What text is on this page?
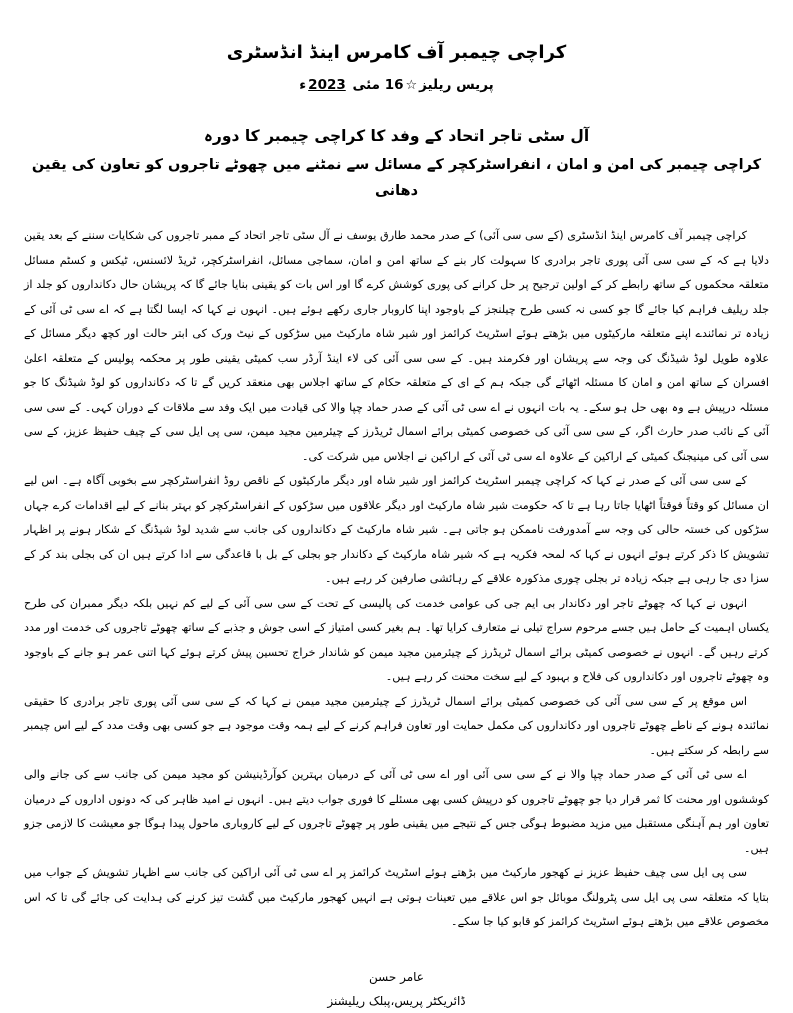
کراچی چیمبر آف کامرس اینڈ انڈسٹری
پریس ریلیز☆16 مئی 2023ء
آل سٹی تاجر اتحاد کے وفد کا کراچی چیمبر کا دورہ
کراچی چیمبر کی امن و امان ، انفراسٹرکچر کے مسائل سے نمٹنے میں چھوٹے تاجروں کو تعاون کی یقین دھانی

کراچی چیمبر آف کامرس اینڈ انڈسٹری (کے سی سی آئی) کے صدر محمد طارق یوسف نے آل سٹی تاجر اتحاد کے ممبر تاجروں کی شکایات سننے کے بعد یقین دلایا ہے کہ کے سی سی آئی پوری تاجر برادری کا سہولت کار بنے کے ساتھ امن و امان، سماجی مسائل، انفراسٹرکچر، ٹریڈ لائسنس، ٹیکس و کسٹم مسائل متعلقہ محکموں کے ساتھ رابطے کر کے اولین ترجیح پر حل کرانے کی پوری کوشش کرے گا اور اس بات کو یقینی بنایا جائے گا کہ پریشان حال دکانداروں کو جلد از جلد ریلیف فراہم کیا جائے گا جو کسی نہ کسی طرح چیلنجز کے باوجود اپنا کاروبار جاری رکھے ہوئے ہیں۔ انہوں نے کہا کہ ایسا لگتا ہے کہ اے سی ٹی آئی کے زیادہ تر نمائندے اپنے متعلقہ مارکیٹوں میں بڑھتے ہوئے اسٹریٹ کرائمز اور شیر شاہ مارکیٹ میں سڑکوں کے نیٹ ورک کی ابتر حالت اور کچھ دیگر مسائل کے علاوہ طویل لوڈ شیڈنگ کی وجہ سے پریشان اور فکرمند ہیں۔ کے سی سی آئی کی لاء اینڈ آرڈر سب کمیٹی یقینی طور پر محکمہ پولیس کے متعلقہ اعلیٰ افسران کے ساتھ امن و امان کا مسئلہ اٹھائے گی جبکہ ہم کے ای کے متعلقہ حکام کے ساتھ اجلاس بھی منعقد کریں گے تا کہ دکانداروں کو لوڈ شیڈنگ کا جو مسئلہ درپیش ہے وہ بھی حل ہو سکے۔ یہ بات انہوں نے اے سی ٹی آئی کے صدر حماد چپا والا کی قیادت میں ایک وفد سے ملاقات کے دوران کہی۔ کے سی سی آئی کے نائب صدر حارث اگر، کے سی سی آئی کی خصوصی کمیٹی برائے اسمال ٹریڈرز کے چیئرمین مجید میمن، سی پی ایل سی کے چیف حفیظ عزیز، کے سی سی آئی کی مینیجنگ کمیٹی کے اراکین کے علاوہ اے سی ٹی آئی کے اراکین نے اجلاس میں شرکت کی۔

کے سی سی آئی کے صدر نے کہا کہ کراچی چیمبر اسٹریٹ کرائمز اور شیر شاہ اور دیگر مارکیٹوں کے ناقص روڈ انفراسٹرکچر سے بخوبی آگاہ ہے۔ اس لیے ان مسائل کو وقتاً فوقتاً اٹھایا جاتا رہا ہے تا کہ حکومت شیر شاہ مارکیٹ اور دیگر علاقوں میں سڑکوں کے انفراسٹرکچر کو بہتر بنانے کے لیے اقدامات کرے جہاں سڑکوں کی خستہ حالی کی وجہ سے آمدورفت ناممکن ہو جاتی ہے۔ شیر شاہ مارکیٹ کے دکانداروں کی جانب سے شدید لوڈ شیڈنگ کے شکار ہونے پر اظہار تشویش کا ذکر کرتے ہوئے انہوں نے کہا کہ لمحہ فکریہ ہے کہ شیر شاہ مارکیٹ کے دکاندار جو بجلی کے بل با قاعدگی سے ادا کرتے ہیں ان کی بجلی بند کر کے سزا دی جا رہی ہے جبکہ زیادہ تر بجلی چوری مذکورہ علاقے کے رہائشی صارفین کر رہے ہیں۔

انہوں نے کہا کہ چھوٹے تاجر اور دکاندار بی ایم جی کی عوامی خدمت کی پالیسی کے تحت کے سی سی آئی کے لیے کم نہیں بلکہ دیگر ممبران کی طرح یکساں اہمیت کے حامل ہیں جسے مرحوم سراج تیلی نے متعارف کرایا تھا۔ ہم بغیر کسی امتیاز کے اسی جوش و جذبے کے ساتھ چھوٹے تاجروں کی خدمت اور مدد کرتے رہیں گے۔ انہوں نے خصوصی کمیٹی برائے اسمال ٹریڈرز کے چیئرمین مجید میمن کو شاندار خراج تحسین پیش کرتے ہوئے کہا اتنی عمر ہو جانے کے باوجود وہ چھوٹے تاجروں اور دکانداروں کی فلاح و بہبود کے لیے سخت محنت کر رہے ہیں۔

اس موقع پر کے سی سی آئی کی خصوصی کمیٹی برائے اسمال ٹریڈرز کے چیئرمین مجید میمن نے کہا کہ کے سی سی آئی پوری تاجر برادری کا حقیقی نمائندہ ہونے کے ناطے چھوٹے تاجروں اور دکانداروں کی مکمل حمایت اور تعاون فراہم کرنے کے لیے ہمہ وقت موجود ہے جو کسی بھی وقت مدد کے لیے اس چیمبر سے رابطہ کر سکتے ہیں۔

اے سی ٹی آئی کے صدر حماد چپا والا نے کے سی سی آئی اور اے سی ٹی آئی کے درمیان بہترین کوآرڈینیشن کو مجید میمن کی جانب سے کی جانے والی کوششوں اور محنت کا ثمر قرار دیا جو چھوٹے تاجروں کو درپیش کسی بھی مسئلے کا فوری جواب دیتے ہیں۔ انہوں نے امید ظاہر کی کہ دونوں اداروں کے درمیان تعاون اور ہم آہنگی مستقبل میں مزید مضبوط ہوگی جس کے نتیجے میں یقینی طور پر چھوٹے تاجروں کے لیے کاروباری ماحول پیدا ہوگا جو معیشت کا لازمی جزو ہیں۔

سی پی ایل سی چیف حفیظ عزیز نے کھجور مارکیٹ میں بڑھتے ہوئے اسٹریٹ کرائمز پر اے سی ٹی آئی اراکین کی جانب سے اظہار تشویش کے جواب میں بتایا کہ متعلقہ سی پی ایل سی پٹرولنگ موبائل جو اس علاقے میں تعینات ہوتی ہے انہیں کھجور مارکیٹ میں گشت تیز کرنے کی ہدایت کی جائے گی تا کہ اس مخصوص علاقے میں بڑھتے ہوئے اسٹریٹ کرائمز کو قابو کیا جا سکے۔

عامر حسن
ڈائریکٹر پریس،پبلک ریلیشنز
